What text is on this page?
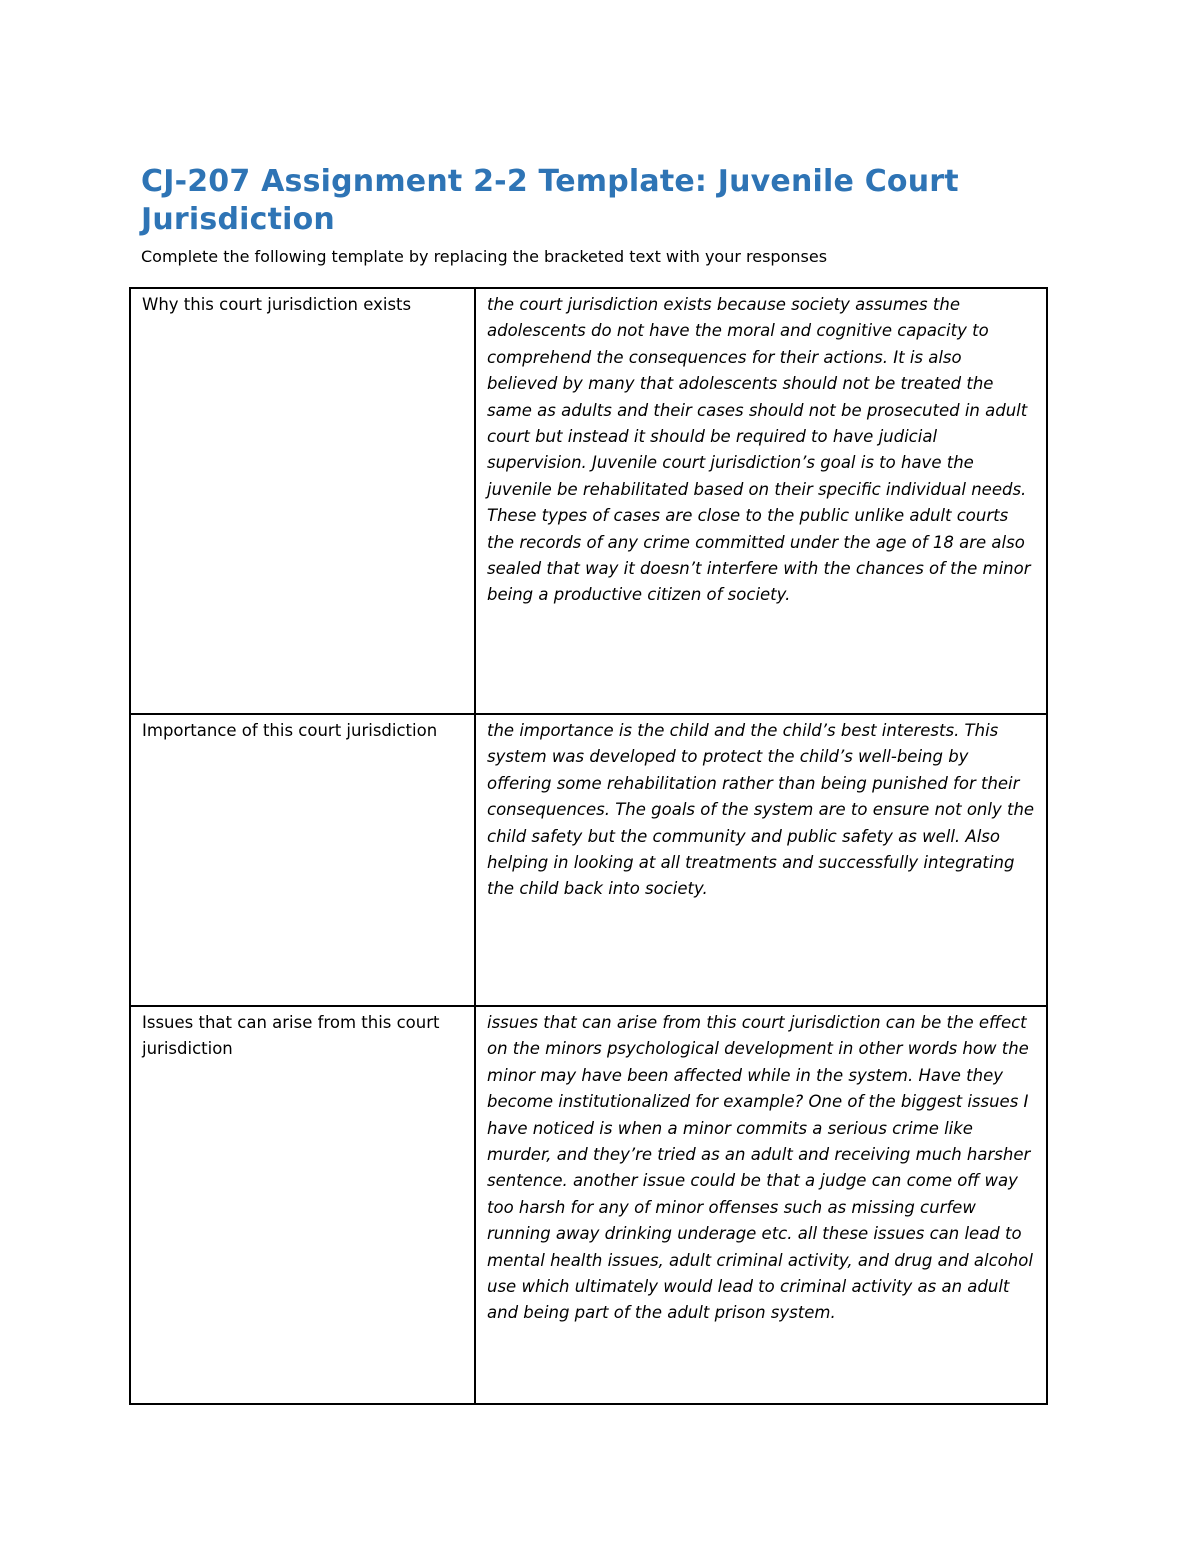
CJ-207 Assignment 2-2 Template: Juvenile Court Jurisdiction

Complete the following template by replacing the bracketed text with your responses

Why this court jurisdiction exists	the court jurisdiction exists because society assumes the adolescents do not have the moral and cognitive capacity to comprehend the consequences for their actions. It is also believed by many that adolescents should not be treated the same as adults and their cases should not be prosecuted in adult court but instead it should be required to have judicial supervision. Juvenile court jurisdiction’s goal is to have the juvenile be rehabilitated based on their specific individual needs. These types of cases are close to the public unlike adult courts the records of any crime committed under the age of 18 are also sealed that way it doesn’t interfere with the chances of the minor being a productive citizen of society.
Importance of this court jurisdiction	the importance is the child and the child’s best interests. This system was developed to protect the child’s well-being by offering some rehabilitation rather than being punished for their consequences. The goals of the system are to ensure not only the child safety but the community and public safety as well. Also helping in looking at all treatments and successfully integrating the child back into society.
Issues that can arise from this court jurisdiction	issues that can arise from this court jurisdiction can be the effect on the minors psychological development in other words how the minor may have been affected while in the system. Have they become institutionalized for example? One of the biggest issues I have noticed is when a minor commits a serious crime like murder, and they’re tried as an adult and receiving much harsher sentence. another issue could be that a judge can come off way too harsh for any of minor offenses such as missing curfew running away drinking underage etc. all these issues can lead to mental health issues, adult criminal activity, and drug and alcohol use which ultimately would lead to criminal activity as an adult and being part of the adult prison system.
